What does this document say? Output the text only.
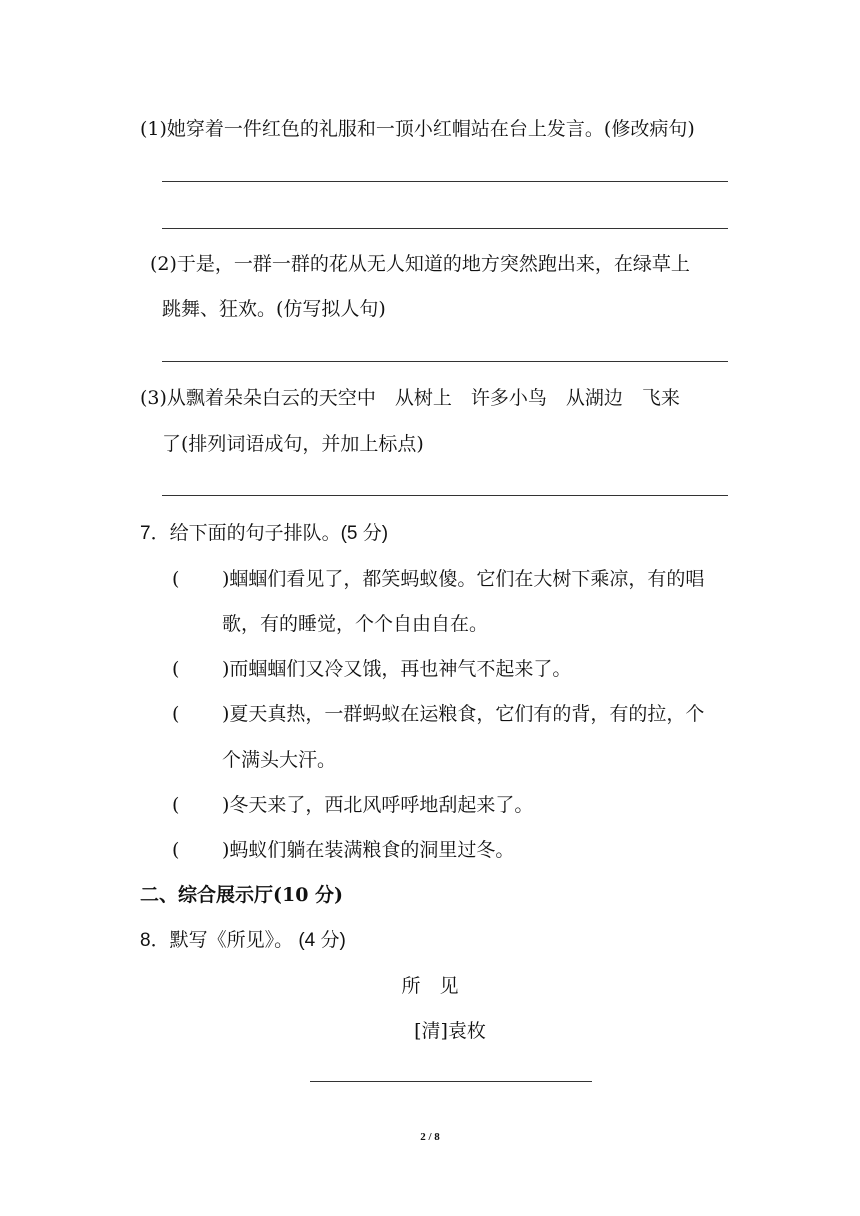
(1)她穿着一件红色的礼服和一顶小红帽站在台上发言。(修改病句)
(2)于是，一群一群的花从无人知道的地方突然跑出来，在绿草上
跳舞、狂欢。(仿写拟人句)
(3)从飘着朵朵白云的天空中　从树上　许多小鸟　从湖边　飞来
了(排列词语成句，并加上标点)
7．给下面的句子排队。(5 分)
( )蝈蝈们看见了，都笑蚂蚁傻。它们在大树下乘凉，有的唱
歌，有的睡觉，个个自由自在。
( )而蝈蝈们又冷又饿，再也神气不起来了。
( )夏天真热，一群蚂蚁在运粮食，它们有的背，有的拉，个
个满头大汗。
( )冬天来了，西北风呼呼地刮起来了。
( )蚂蚁们躺在装满粮食的洞里过冬。
二、综合展示厅(10 分)
8．默写《所见》。 (4 分)
所　见
[清]袁枚
2 / 8
